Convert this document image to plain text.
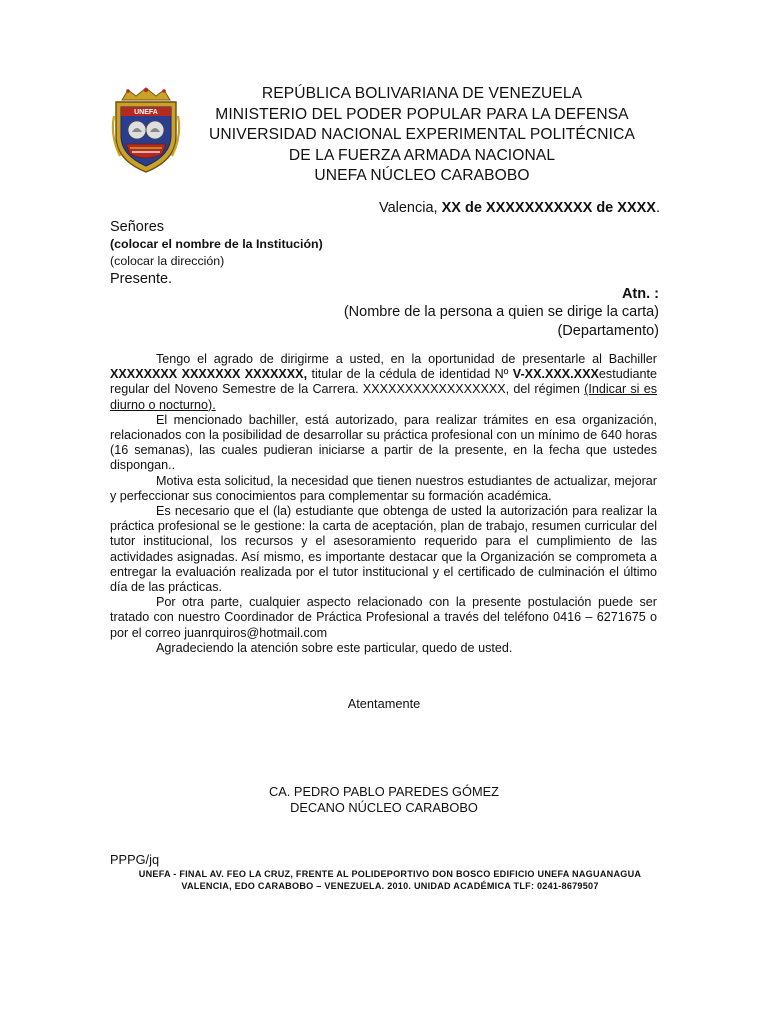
UNEFA
REPÚBLICA BOLIVARIANA DE VENEZUELA
MINISTERIO DEL PODER POPULAR PARA LA DEFENSA
UNIVERSIDAD NACIONAL EXPERIMENTAL POLITÉCNICA
DE LA FUERZA ARMADA NACIONAL
UNEFA NÚCLEO CARABOBO
Valencia, XX de XXXXXXXXXXX de XXXX.
Señores
(colocar el nombre de la Institución)
(colocar la dirección)
Presente.
Atn. :
(Nombre de la persona a quien se dirige la carta)
(Departamento)

Tengo el agrado de dirigirme a usted, en la oportunidad de presentarle al Bachiller XXXXXXXX XXXXXXX XXXXXXX, titular de la cédula de identidad Nº V-XX.XXX.XXXestudiante regular del Noveno Semestre de la Carrera. XXXXXXXXXXXXXXXXX, del régimen (Indicar si es diurno o nocturno).

El mencionado bachiller, está autorizado, para realizar trámites en esa organización, relacionados con la posibilidad de desarrollar su práctica profesional con un mínimo de 640 horas (16 semanas), las cuales pudieran iniciarse a partir de la presente, en la fecha que ustedes dispongan..

Motiva esta solicitud, la necesidad que tienen nuestros estudiantes de actualizar, mejorar y perfeccionar sus conocimientos para complementar su formación académica.

Es necesario que el (la) estudiante que obtenga de usted la autorización para realizar la práctica profesional se le gestione: la carta de aceptación, plan de trabajo, resumen curricular del tutor institucional, los recursos y el asesoramiento requerido para el cumplimiento de las actividades asignadas. Así mismo, es importante destacar que la Organización se comprometa a entregar la evaluación realizada por el tutor institucional y el certificado de culminación el último día de las prácticas.

Por otra parte, cualquier aspecto relacionado con la presente postulación puede ser tratado con nuestro Coordinador de Práctica Profesional a través del teléfono 0416 – 6271675 o por el correo juanrquiros@hotmail.com

Agradeciendo la atención sobre este particular, quedo de usted.

Atentamente
CA. PEDRO PABLO PAREDES GÓMEZ
DECANO NÚCLEO CARABOBO
PPPG/jq
UNEFA - FINAL AV. FEO LA CRUZ, FRENTE AL POLIDEPORTIVO DON BOSCO EDIFICIO UNEFA NAGUANAGUA
VALENCIA, EDO CARABOBO – VENEZUELA. 2010. UNIDAD ACADÉMICA TLF: 0241-8679507
